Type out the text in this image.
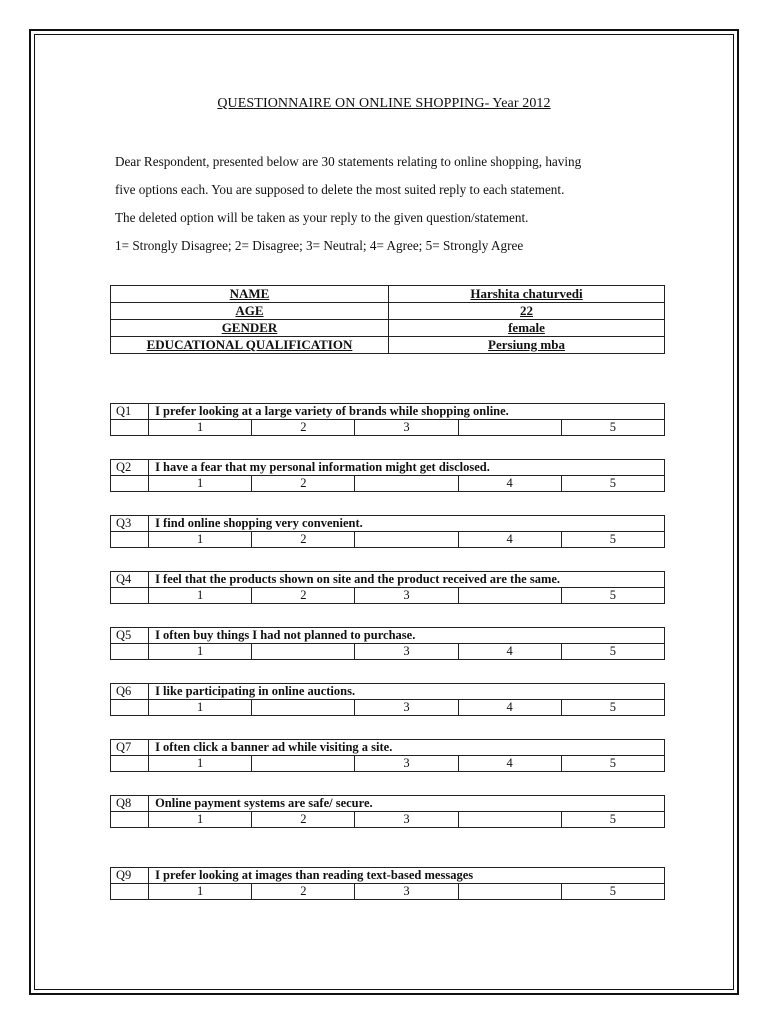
QUESTIONNAIRE ON ONLINE SHOPPING- Year 2012

Dear Respondent, presented below are 30 statements relating to online shopping, having

five options each. You are supposed to delete the most suited reply to each statement.

The deleted option will be taken as your reply to the given question/statement.

1= Strongly Disagree; 2= Disagree; 3= Neutral; 4= Agree; 5= Strongly Agree

NAME	Harshita chaturvedi
AGE	22
GENDER	female
EDUCATIONAL QUALIFICATION	Persiung mba
Q1	I prefer looking at a large variety of brands while shopping online.				
	1	2	3		5
Q2	I have a fear that my personal information might get disclosed.				
	1	2		4	5
Q3	I find online shopping very convenient.				
	1	2		4	5
Q4	I feel that the products shown on site and the product received are the same.				
	1	2	3		5
Q5	I often buy things I had not planned to purchase.				
	1		3	4	5
Q6	I like participating in online auctions.				
	1		3	4	5
Q7	I often click a banner ad while visiting a site.				
	1		3	4	5
Q8	Online payment systems are safe/ secure.				
	1	2	3		5
Q9	I prefer looking at images than reading text-based messages				
	1	2	3		5
